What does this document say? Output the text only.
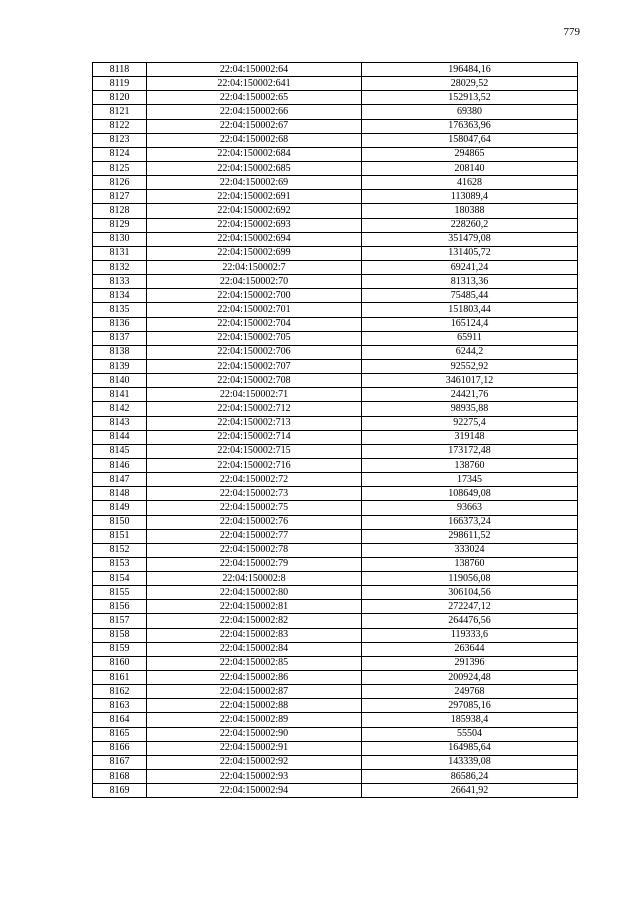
779
8118	22:04:150002:64	196484,16
8119	22:04:150002:641	28029,52
8120	22:04:150002:65	152913,52
8121	22:04:150002:66	69380
8122	22:04:150002:67	176363,96
8123	22:04:150002:68	158047,64
8124	22:04:150002:684	294865
8125	22:04:150002:685	208140
8126	22:04:150002:69	41628
8127	22:04:150002:691	113089,4
8128	22:04:150002:692	180388
8129	22:04:150002:693	228260,2
8130	22:04:150002:694	351479,08
8131	22:04:150002:699	131405,72
8132	22:04:150002:7	69241,24
8133	22:04:150002:70	81313,36
8134	22:04:150002:700	75485,44
8135	22:04:150002:701	151803,44
8136	22:04:150002:704	165124,4
8137	22:04:150002:705	65911
8138	22:04:150002:706	6244,2
8139	22:04:150002:707	92552,92
8140	22:04:150002:708	3461017,12
8141	22:04:150002:71	24421,76
8142	22:04:150002:712	98935,88
8143	22:04:150002:713	92275,4
8144	22:04:150002:714	319148
8145	22:04:150002:715	173172,48
8146	22:04:150002:716	138760
8147	22:04:150002:72	17345
8148	22:04:150002:73	108649,08
8149	22:04:150002:75	93663
8150	22:04:150002:76	166373,24
8151	22:04:150002:77	298611,52
8152	22:04:150002:78	333024
8153	22:04:150002:79	138760
8154	22:04:150002:8	119056,08
8155	22:04:150002:80	306104,56
8156	22:04:150002:81	272247,12
8157	22:04:150002:82	264476,56
8158	22:04:150002:83	119333,6
8159	22:04:150002:84	263644
8160	22:04:150002:85	291396
8161	22:04:150002:86	200924,48
8162	22:04:150002:87	249768
8163	22:04:150002:88	297085,16
8164	22:04:150002:89	185938,4
8165	22:04:150002:90	55504
8166	22:04:150002:91	164985,64
8167	22:04:150002:92	143339,08
8168	22:04:150002:93	86586,24
8169	22:04:150002:94	26641,92
